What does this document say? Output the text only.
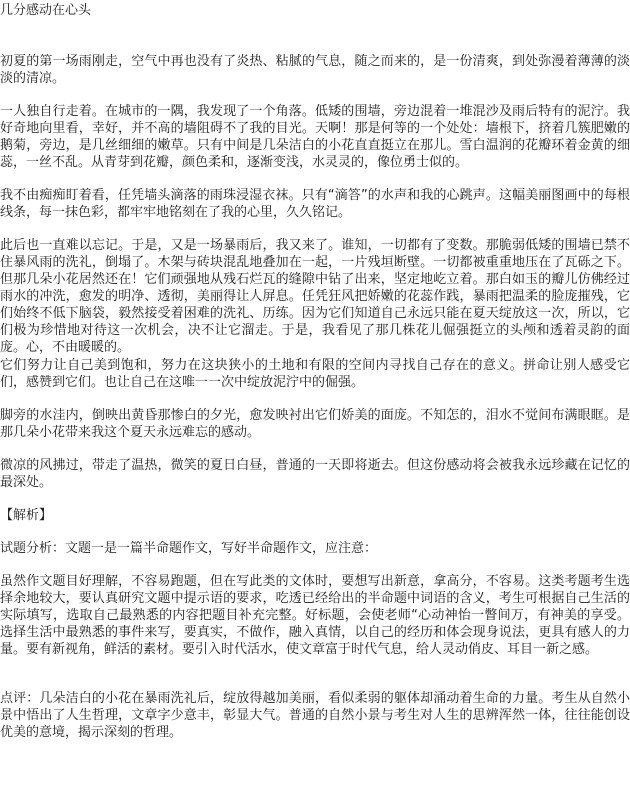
几分感动在心头

初夏的第一场雨刚走，空气中再也没有了炎热、粘腻的气息，随之而来的，是一份清爽，到处弥漫着薄薄的淡淡的清凉。

一人独自行走着。在城市的一隅，我发现了一个角落。低矮的围墙，旁边混着一堆混沙及雨后特有的泥泞。我好奇地向里看，幸好，并不高的墙阻碍不了我的目光。天啊！那是何等的一个处处：墙根下，挤着几簇肥嫩的鹅菊，旁边，是几丝细细的嫩草。只有中间是几朵洁白的小花直直挺立在那儿。雪白温润的花瓣环着金黄的细蕊，一丝不乱。从青芽到花瓣，颜色柔和，逐渐变浅，水灵灵的，像位勇士似的。

我不由痴痴盯着看，任凭墙头滴落的雨珠浸湿衣袜。只有“滴答”的水声和我的心跳声。这幅美丽图画中的每根线条，每一抹色彩，都牢牢地铭刻在了我的心里，久久铭记。

此后也一直难以忘记。于是，又是一场暴雨后，我又来了。谁知，一切都有了变数。那脆弱低矮的围墙已禁不住暴风雨的洗礼，倒塌了。木架与砖块混乱地叠加在一起，一片残垣断壁。一切都被重重地压在了瓦砾之下。但那几朵小花居然还在！它们顽强地从残石烂瓦的缝隙中钻了出来，坚定地屹立着。那白如玉的瓣儿仿佛经过雨水的冲洗，愈发的明净、透彻，美丽得让人屏息。任凭狂风把娇嫩的花蕊作践，暴雨把温柔的脸庞摧残，它们始终不低下脑袋，毅然接受着困难的洗礼、历练。因为它们知道自己永远只能在夏天绽放这一次，所以，它们极为珍惜地对待这一次机会，决不让它溜走。于是，我看见了那几株花儿倔强挺立的头颅和透着灵韵的面庞。心，不由暖暖的。

它们努力让自己美到饱和，努力在这块狭小的土地和有限的空间内寻找自己存在的意义。拼命让别人感受它们，感赞到它们。也让自己在这唯一一次中绽放泥泞中的倔强。

脚旁的水洼内，倒映出黄昏那惨白的夕光，愈发映衬出它们娇美的面庞。不知怎的，泪水不觉间布满眼眶。是那几朵小花带来我这个夏天永远难忘的感动。

微凉的风拂过，带走了温热，微笑的夏日白昼，普通的一天即将逝去。但这份感动将会被我永远珍藏在记忆的最深处。

【解析】

试题分析：文题一是一篇半命题作文，写好半命题作文，应注意：

虽然作文题目好理解，不容易跑题，但在写此类的文体时，要想写出新意，拿高分，不容易。这类考题考生选择余地较大，要认真研究文题中提示语的要求，吃透已经给出的半命题中词语的含义，考生可根据自己生活的实际填写，选取自己最熟悉的内容把题目补充完整。好标题，会使老师“心动神怡一瞥间万，有神美的享受。 选择生活中最熟悉的事件来写，要真实，不做作，融入真情，以自己的经历和体会现身说法，更具有感人的力量。要有新视角，鲜活的素材。要引入时代活水，使文章富于时代气息，给人灵动俏皮、耳目一新之感。

点评：几朵洁白的小花在暴雨洗礼后，绽放得越加美丽，看似柔弱的躯体却涌动着生命的力量。考生从自然小景中悟出了人生哲理，文章字少意丰，彰显大气。普通的自然小景与考生对人生的思辨浑然一体，往往能创设优美的意境，揭示深刻的哲理。
